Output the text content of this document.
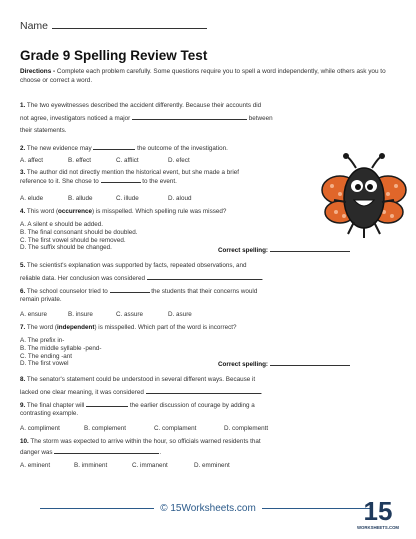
Name
Grade 9 Spelling Review Test
Directions - Complete each problem carefully. Some questions require you to spell a word independently, while others ask you to choose or correct a word.
1. The two eyewitnesses described the accident differently. Because their accounts did
not agree, investigators noticed a major	between
their statements.
2. The new evidence may	the outcome of the investigation.
A. affect	B. effect	C. afflict	D. efect
3. The author did not directly mention the historical event, but she made a brief
reference to it. She chose to	to the event.
A. elude	B. allude	C. illude	D. aloud
4. This word (occurrence) is misspelled. Which spelling rule was missed?
A. A silent e should be added.
B. The final consonant should be doubled.
C. The first vowel should be removed.
D. The suffix should be changed.	Correct spelling:
5. The scientist's explanation was supported by facts, repeated observations, and
reliable data. Her conclusion was considered	.
6. The school counselor tried to	the students that their concerns would
remain private.
A. ensure	B. insure	C. assure	D. asure
7. The word (independent) is misspelled. Which part of the word is incorrect?
A. The prefix in-
B. The middle syllable -pend-
C. The ending -ant
D. The first vowel	Correct spelling:
8. The senator's statement could be understood in several different ways. Because it
lacked one clear meaning, it was considered	.
9. The final chapter will	the earlier discussion of courage by adding a
contrasting example.
A. compliment	B. complement	C. complament	D. complementt
10. The storm was expected to arrive within the hour, so officials warned residents that
danger was	.
A. eminent	B. imminent	C. immanent	D. emminent
© 15Worksheets.com	15
WORKSHEETS.COM
